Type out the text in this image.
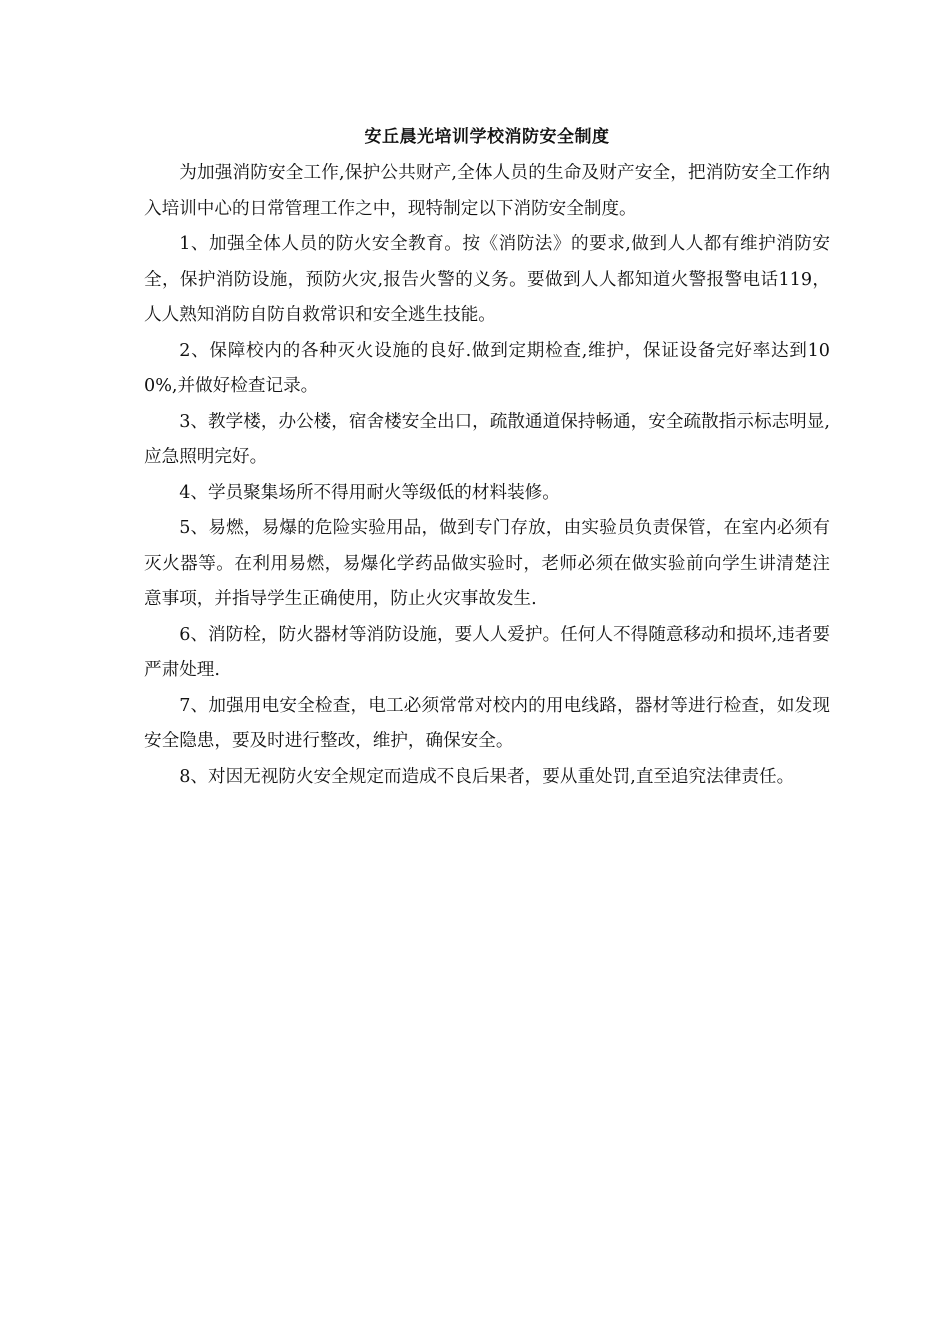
安丘晨光培训学校消防安全制度

为加强消防安全工作,保护公共财产,全体人员的生命及财产安全，把消防安全工作纳入培训中心的日常管理工作之中，现特制定以下消防安全制度。

1、加强全体人员的防火安全教育。按《消防法》的要求,做到人人都有维护消防安全，保护消防设施，预防火灾,报告火警的义务。要做到人人都知道火警报警电话119，人人熟知消防自防自救常识和安全逃生技能。

2、保障校内的各种灭火设施的良好.做到定期检查,维护，保证设备完好率达到100%,并做好检查记录。

3、教学楼，办公楼，宿舍楼安全出口，疏散通道保持畅通，安全疏散指示标志明显,应急照明完好。

4、学员聚集场所不得用耐火等级低的材料装修。

5、易燃，易爆的危险实验用品，做到专门存放，由实验员负责保管，在室内必须有灭火器等。在利用易燃，易爆化学药品做实验时，老师必须在做实验前向学生讲清楚注意事项，并指导学生正确使用，防止火灾事故发生.

6、消防栓，防火器材等消防设施，要人人爱护。任何人不得随意移动和损坏,违者要严肃处理.

7、加强用电安全检查，电工必须常常对校内的用电线路，器材等进行检查，如发现安全隐患，要及时进行整改，维护，确保安全。

8、对因无视防火安全规定而造成不良后果者，要从重处罚,直至追究法律责任。
